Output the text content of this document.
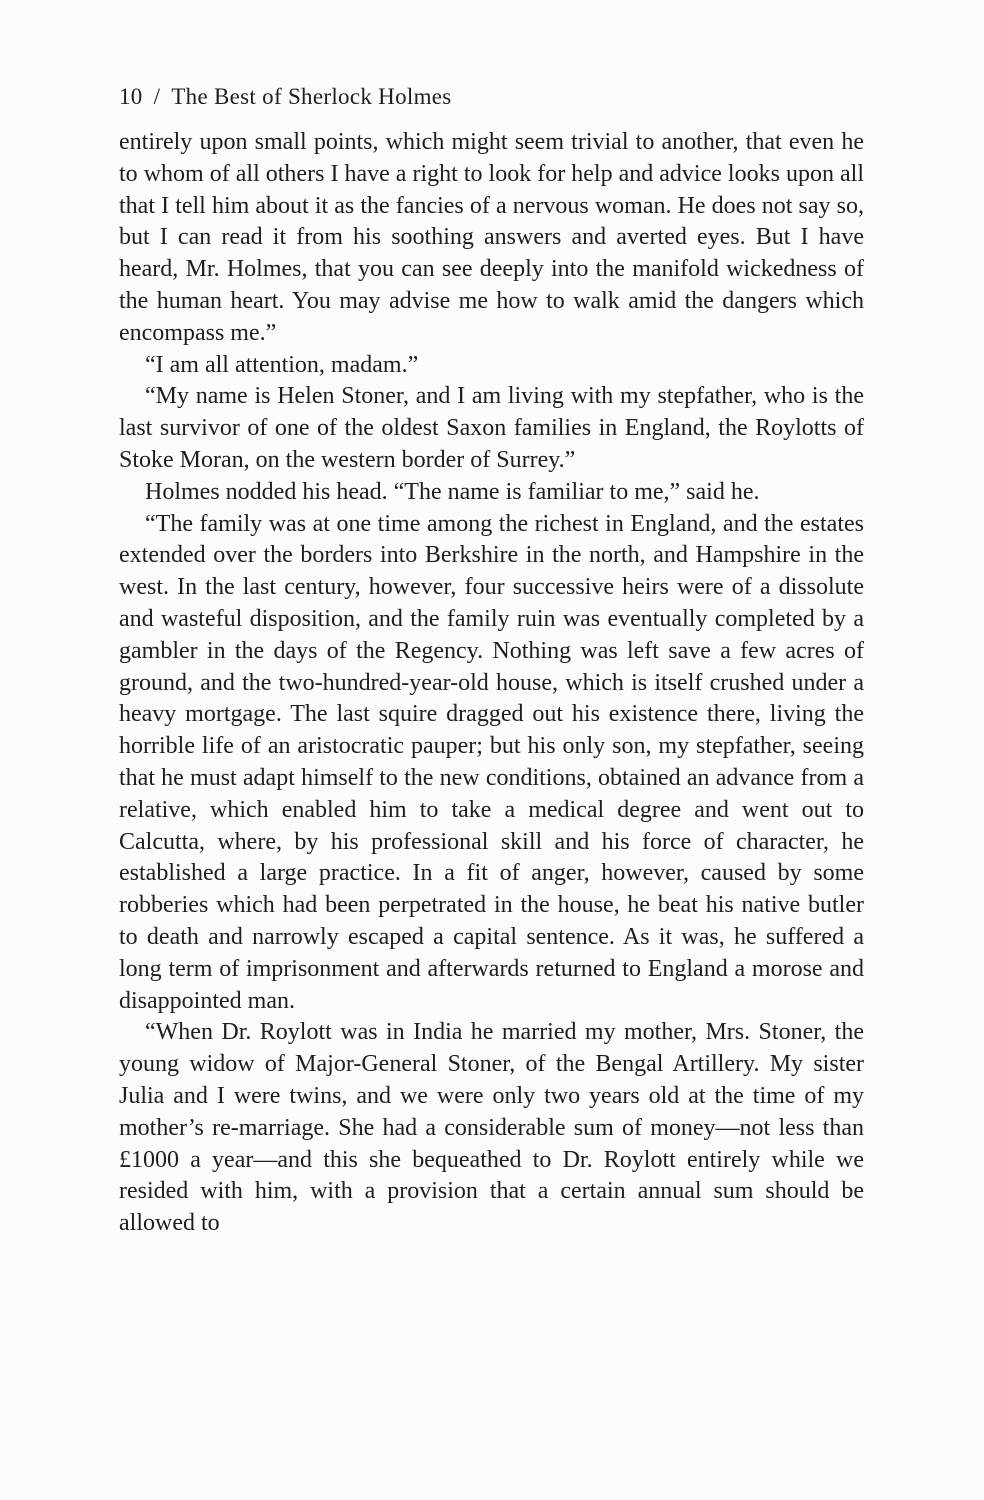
10 / The Best of Sherlock Holmes

entirely upon small points, which might seem trivial to another, that even he to whom of all others I have a right to look for help and advice looks upon all that I tell him about it as the fancies of a nervous woman. He does not say so, but I can read it from his soothing answers and averted eyes. But I have heard, Mr. Holmes, that you can see deeply into the manifold wickedness of the human heart. You may advise me how to walk amid the dangers which encompass me.”

“I am all attention, madam.”

“My name is Helen Stoner, and I am living with my stepfather, who is the last survivor of one of the oldest Saxon families in England, the Roylotts of Stoke Moran, on the western border of Surrey.”

Holmes nodded his head. “The name is familiar to me,” said he.

“The family was at one time among the richest in England, and the estates extended over the borders into Berkshire in the north, and Hampshire in the west. In the last century, however, four successive heirs were of a dissolute and wasteful disposition, and the family ruin was eventually completed by a gambler in the days of the Regency. Nothing was left save a few acres of ground, and the two-hundred-year-old house, which is itself crushed under a heavy mortgage. The last squire dragged out his existence there, living the horrible life of an aristocratic pauper; but his only son, my stepfather, seeing that he must adapt himself to the new conditions, obtained an advance from a relative, which enabled him to take a medical degree and went out to Calcutta, where, by his professional skill and his force of character, he established a large practice. In a fit of anger, however, caused by some robberies which had been perpetrated in the house, he beat his native butler to death and narrowly escaped a capital sentence. As it was, he suffered a long term of imprisonment and afterwards returned to England a morose and disappointed man.

“When Dr. Roylott was in India he married my mother, Mrs. Stoner, the young widow of Major-General Stoner, of the Bengal Artillery. My sister Julia and I were twins, and we were only two years old at the time of my mother’s re-marriage. She had a considerable sum of money—not less than £1000 a year—and this she bequeathed to Dr. Roylott entirely while we resided with him, with a provision that a certain annual sum should be allowed to
